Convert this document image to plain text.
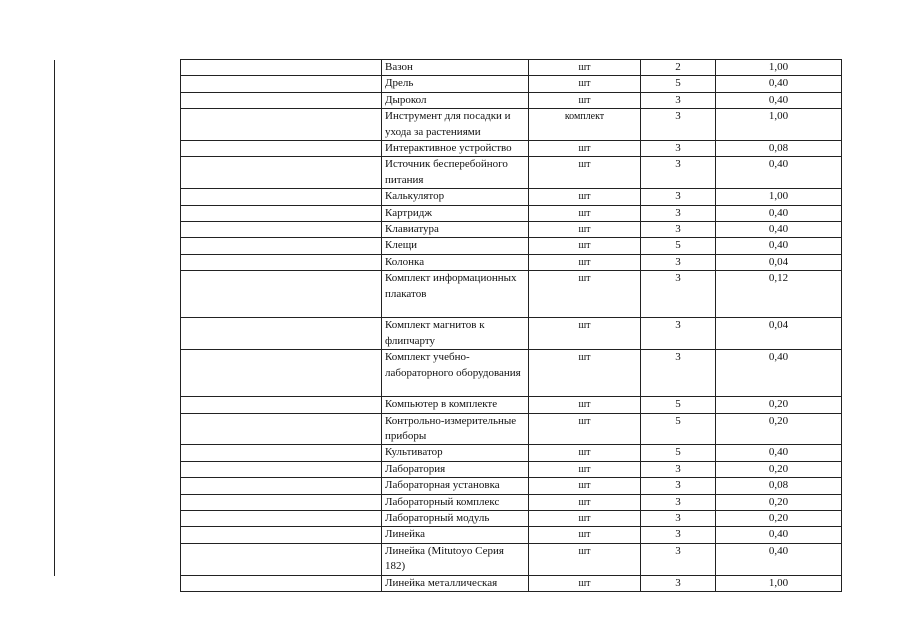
	Вазон	шт	2	1,00
	Дрель	шт	5	0,40
	Дырокол	шт	3	0,40
	Инструмент для посадки и ухода за растениями	комплект	3	1,00
	Интерактивное устройство	шт	3	0,08
	Источник бесперебойного питания	шт	3	0,40
	Калькулятор	шт	3	1,00
	Картридж	шт	3	0,40
	Клавиатура	шт	3	0,40
	Клещи	шт	5	0,40
	Колонка	шт	3	0,04
	Комплект информационных плакатов	шт	3	0,12
	Комплект магнитов к флипчарту	шт	3	0,04
	Комплект учебно-лабораторного оборудования	шт	3	0,40
	Компьютер в комплекте	шт	5	0,20
	Контрольно-измерительные приборы	шт	5	0,20
	Культиватор	шт	5	0,40
	Лаборатория	шт	3	0,20
	Лабораторная установка	шт	3	0,08
	Лабораторный комплекс	шт	3	0,20
	Лабораторный модуль	шт	3	0,20
	Линейка	шт	3	0,40
	Линейка (Mitutoyo Серия 182)	шт	3	0,40
	Линейка металлическая	шт	3	1,00
